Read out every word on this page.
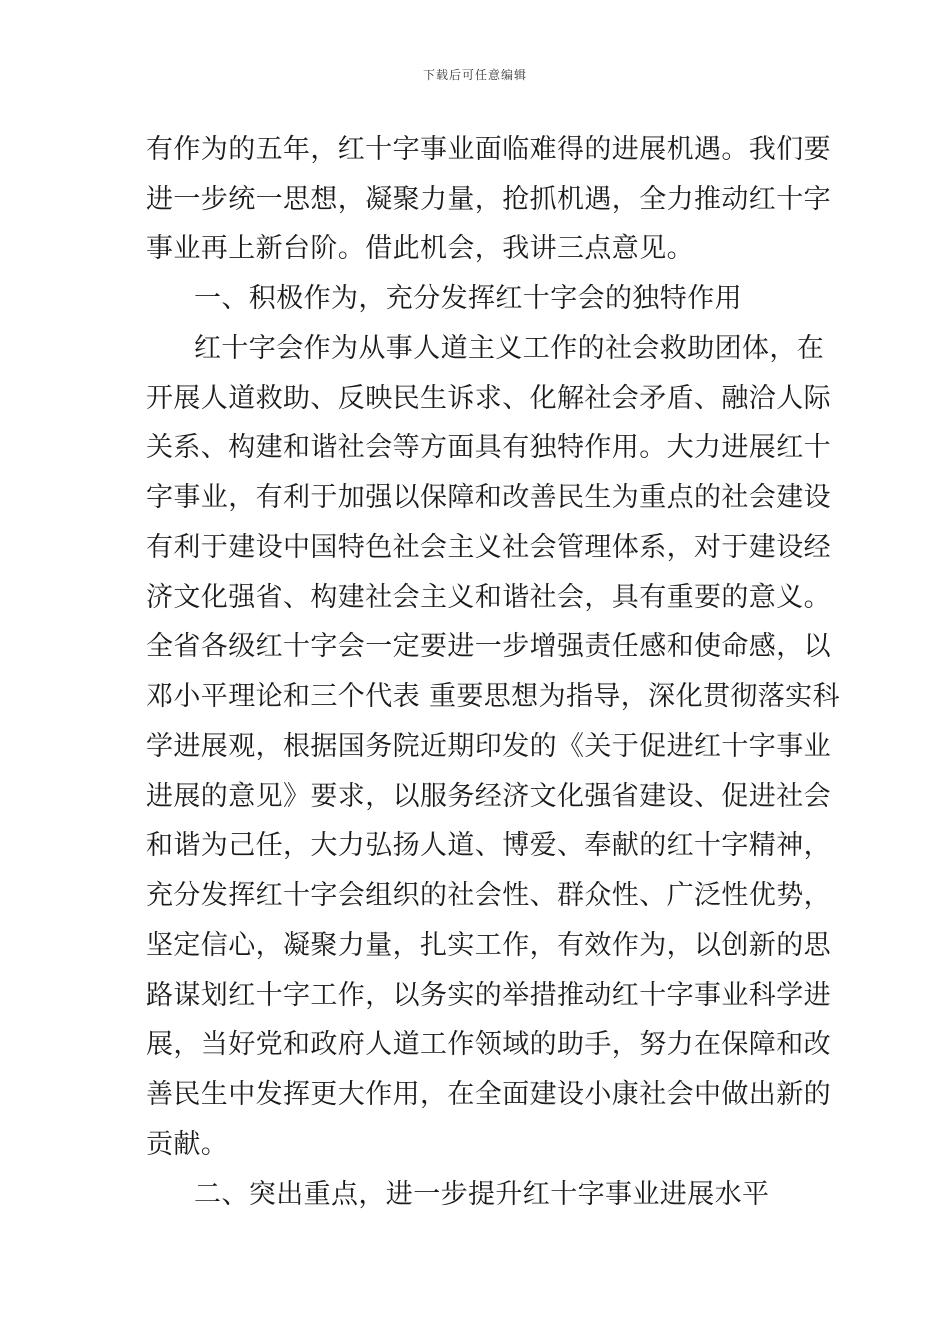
下载后可任意编辑
有作为的五年，红十字事业面临难得的进展机遇。我们要
进一步统一思想，凝聚力量，抢抓机遇，全力推动红十字
事业再上新台阶。借此机会，我讲三点意见。
一、积极作为，充分发挥红十字会的独特作用
红十字会作为从事人道主义工作的社会救助团体，在
开展人道救助、反映民生诉求、化解社会矛盾、融洽人际
关系、构建和谐社会等方面具有独特作用。大力进展红十
字事业，有利于加强以保障和改善民生为重点的社会建设
有利于建设中国特色社会主义社会管理体系，对于建设经
济文化强省、构建社会主义和谐社会，具有重要的意义。
全省各级红十字会一定要进一步增强责任感和使命感，以
邓小平理论和三个代表 重要思想为指导，深化贯彻落实科
学进展观，根据国务院近期印发的《关于促进红十字事业
进展的意见》要求，以服务经济文化强省建设、促进社会
和谐为己任，大力弘扬人道、博爱、奉献的红十字精神，
充分发挥红十字会组织的社会性、群众性、广泛性优势，
坚定信心，凝聚力量，扎实工作，有效作为，以创新的思
路谋划红十字工作，以务实的举措推动红十字事业科学进
展，当好党和政府人道工作领域的助手，努力在保障和改
善民生中发挥更大作用，在全面建设小康社会中做出新的
贡献。
二、突出重点，进一步提升红十字事业进展水平
